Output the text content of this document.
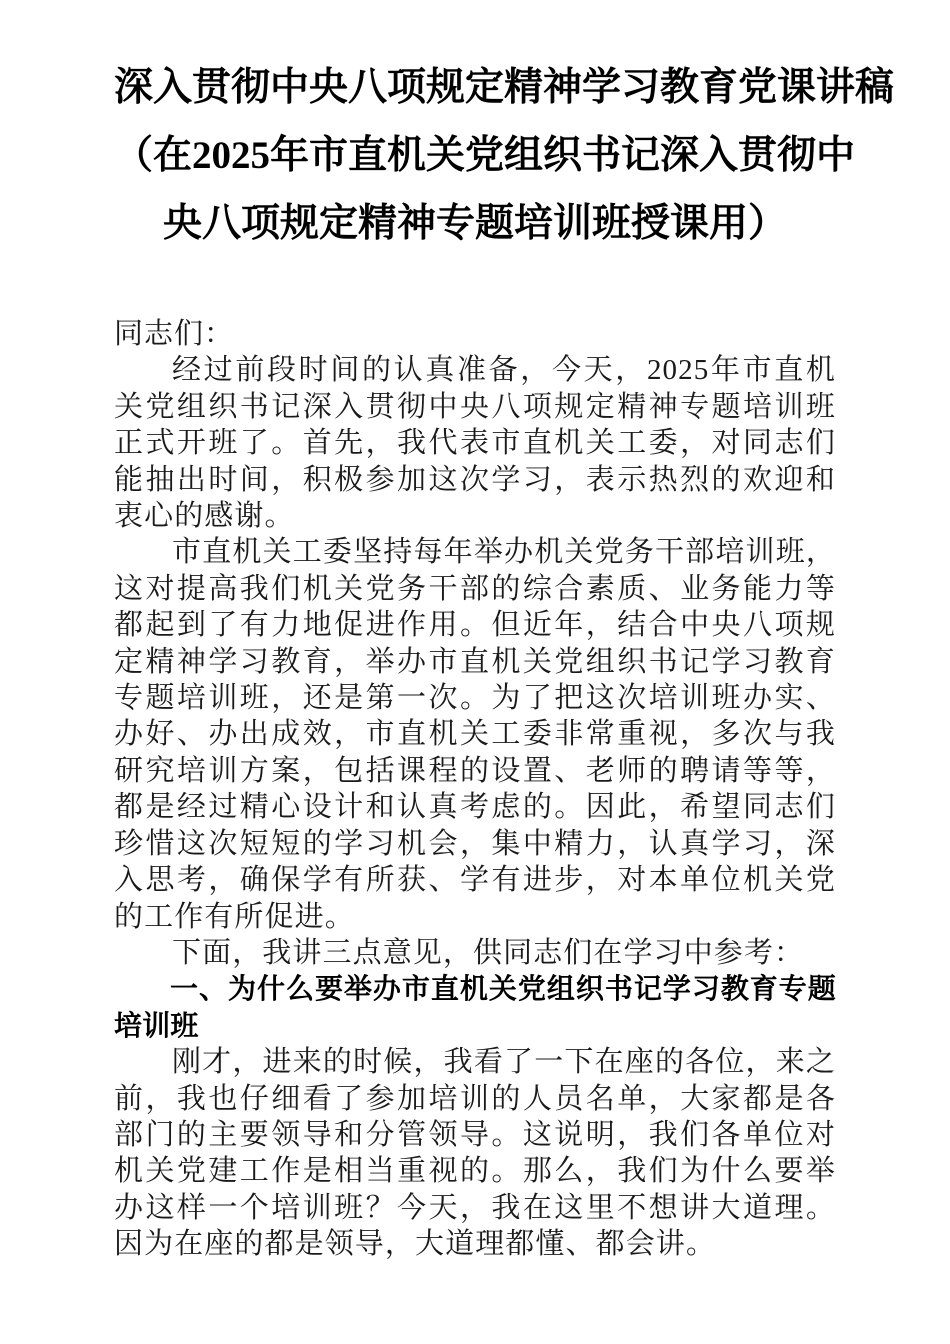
深入贯彻中央八项规定精神学习教育党课讲稿
（在2025年市直机关党组织书记深入贯彻中
央八项规定精神专题培训班授课用）

同志们：

经过前段时间的认真准备，今天，2025年市直机关党组织书记深入贯彻中央八项规定精神专题培训班正式开班了。首先，我代表市直机关工委，对同志们能抽出时间，积极参加这次学习，表示热烈的欢迎和衷心的感谢。

市直机关工委坚持每年举办机关党务干部培训班，这对提高我们机关党务干部的综合素质、业务能力等都起到了有力地促进作用。但近年，结合中央八项规定精神学习教育，举办市直机关党组织书记学习教育专题培训班，还是第一次。为了把这次培训班办实、办好、办出成效，市直机关工委非常重视，多次与我研究培训方案，包括课程的设置、老师的聘请等等，都是经过精心设计和认真考虑的。因此，希望同志们珍惜这次短短的学习机会，集中精力，认真学习，深入思考，确保学有所获、学有进步，对本单位机关党的工作有所促进。

下面，我讲三点意见，供同志们在学习中参考：

一、为什么要举办市直机关党组织书记学习教育专题培训班

刚才，进来的时候，我看了一下在座的各位，来之前，我也仔细看了参加培训的人员名单，大家都是各部门的主要领导和分管领导。这说明，我们各单位对机关党建工作是相当重视的。那么，我们为什么要举办这样一个培训班？今天，我在这里不想讲大道理。因为在座的都是领导，大道理都懂、都会讲。
